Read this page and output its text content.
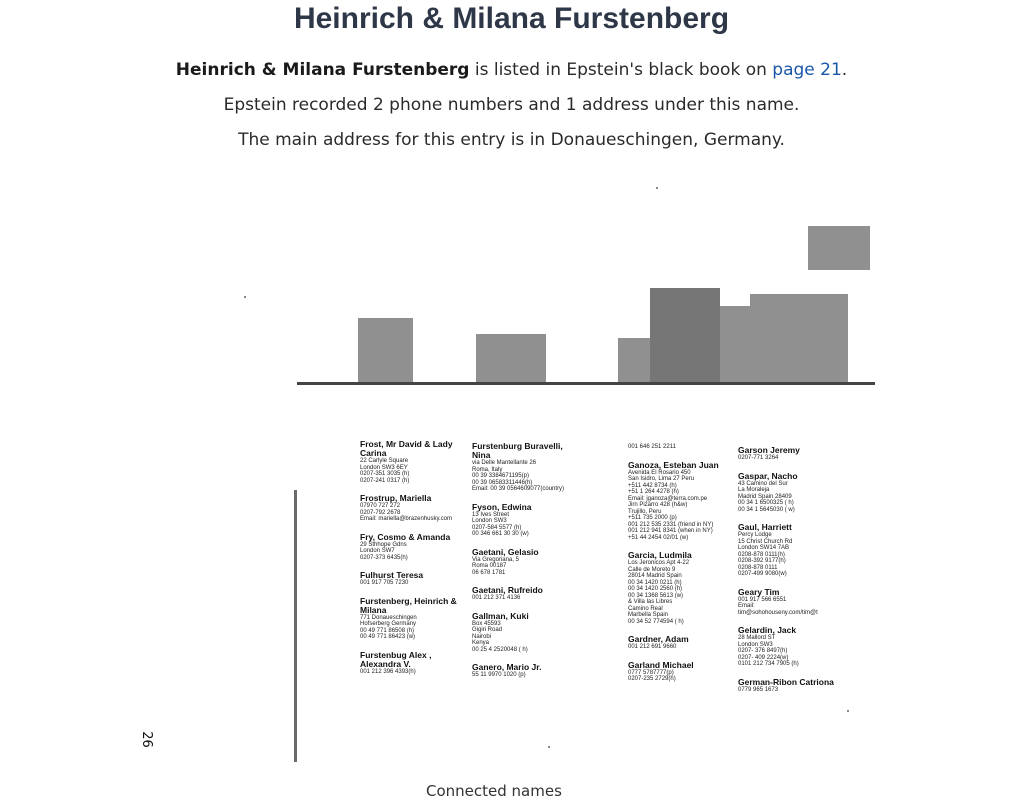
Heinrich & Milana Furstenberg
Heinrich & Milana Furstenberg is listed in Epstein's black book on page 21.
Epstein recorded 2 phone numbers and 1 address under this name.
The main address for this entry is in Donaueschingen, Germany.
Frost, Mr David & Lady Carina
22 Carlyle Square
London SW3 6EY
0207-351 3035 (h)
0207-241 0317 (h)
Frostrup, Mariella
07970 727 272
0207-792 2678
Email: mariella@brazenhusky.com
Fry, Cosmo & Amanda
29 Sthhope Gdns
London SW7
0207-373 6435(h)
Fulhurst Teresa
001 917 705 7230
Furstenberg, Heinrich & Milana
771 Donaueschingen
Hofserberg Germany
00 49 771 86508 (h)
00 49 771 86423 (w)
Furstenbug Alex , Alexandra V.
001 212 396 4393(h)
Furstenburg Buravelli, Nina
via Delle Mantellante 26
Roma, Italy
00 39 3384671195(p)
00 39 06583311446(h)
Email: 00 39 0564609077(country)
Fyson, Edwina
13 Ives Street
London SW3
0207-584 5577 (h)
00 346 661 30 30 (w)
Gaetani, Gelasio
Via Gregoriana, 5
Roma 00187
06 678 1781
Gaetani, Rufreido
001 212 371 4136
Gallman, Kuki
Box 45593
Gigiri Road
Nairobi
Kenya
00 25 4 2520048 ( h)
Ganero, Mario Jr.
55 11 9970 1020 (p)
001 646 251 2211
Ganoza, Esteban Juan
Avenida El Rosario 450
San Isidro, Lima 27 Peru
+511 442 8734 (h)
+51 1 264 4278 (h)
Email: jganoza@terra.com.pe
Jirn Pizarro 428 (h&w)
Trujillo, Peru
+511 735 2000 (p)
001 212 535 2331 (friend in NY)
001 212 941 8341 (when in NY)
+51 44 2454 02/01 (w)
Garcia, Ludmila
Los Jeronicos Apt 4-22
Calle de Moreto 9
28014 Madrid Spain
00 34 1420 0211 (h)
00 34 1420 2560 (h)
00 34 1368 5613 (w)
& Villa las Libres
Camino Real
Marbella Spain
00 34 52 774594 ( h)
Gardner, Adam
001 212 691 9660
Garland Michael
0777 5787777(p)
0207-235 2729(h)
Garson Jeremy
0207-771 3264
Gaspar, Nacho
43 Camino del Sur
La Moraleja
Madrid Spain 28409
00 34 1 6500325 ( h)
00 34 1 5645030 ( w)
Gaul, Harriett
Percy Lodge
15 Christ Church Rd
London SW14 7AB
0208-878 0111(h)
0208-392 9177(h)
0208-878 0111
0207-499 9080(w)
Geary Tim
001 917 566 6551
Email:
tim@sohohouseny.com/tim@t
Gelardin, Jack
28 Mallord ST
London SW3
0207- 376 8497(h)
0207- 409 2224(w)
0101 212 734 7905 (h)
German-Ribon Catriona
0779 965 1673
26
Connected names
